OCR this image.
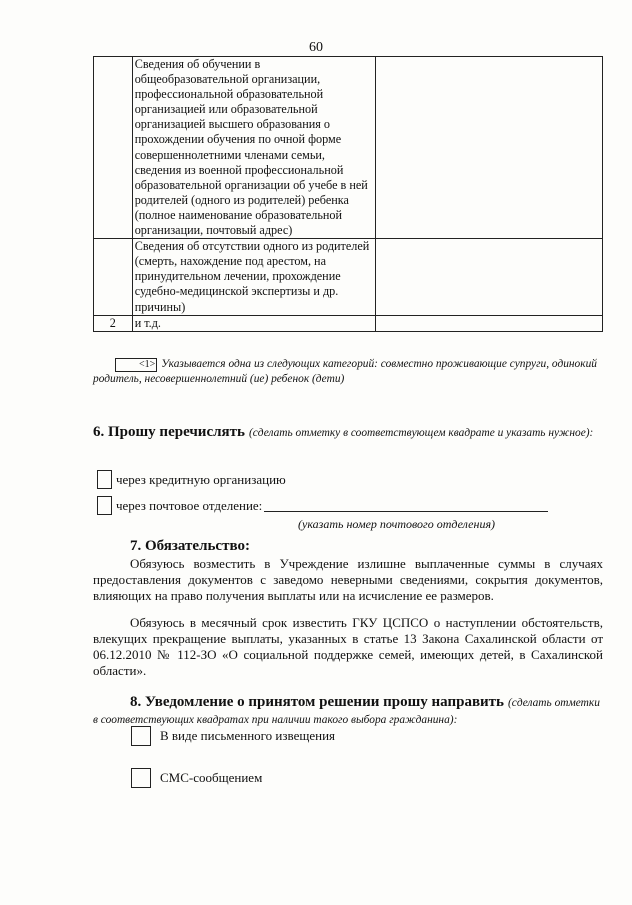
60
	Сведения об обучении в общеобразовательной организации, профессиональной образовательной организацией или образовательной организацией высшего образования о прохождении обучения по очной форме совершеннолетними членами семьи, сведения из военной профессиональной образовательной организации об учебе в ней родителей (одного из родителей) ребенка (полное наименование образовательной организации, почтовый адрес)	
	Сведения об отсутствии одного из родителей (смерть, нахождение под арестом, на принудительном лечении, прохождение судебно-медицинской экспертизы и др. причины)	
2	и т.д.	
<1> Указывается одна из следующих категорий: совместно проживающие супруги, одинокий родитель, несовершеннолетний (ие) ребенок (дети)
6. Прошу перечислять (сделать отметку в соответствующем квадрате и указать нужное):
через кредитную организацию
через почтовое отделение:
(указать номер почтового отделения)
7. Обязательство:
Обязуюсь возместить в Учреждение излишне выплаченные суммы в случаях предоставления документов с заведомо неверными сведениями, сокрытия документов, влияющих на право получения выплаты или на исчисление ее размеров.
Обязуюсь в месячный срок известить ГКУ ЦСПСО о наступлении обстоятельств, влекущих прекращение выплаты, указанных в статье 13 Закона Сахалинской области от 06.12.2010 № 112-ЗО «О социальной поддержке семей, имеющих детей, в Сахалинской области».
8. Уведомление о принятом решении прошу направить (сделать отметки в соответствующих квадратах при наличии такого выбора гражданина):
В виде письменного извещения
СМС-сообщением
